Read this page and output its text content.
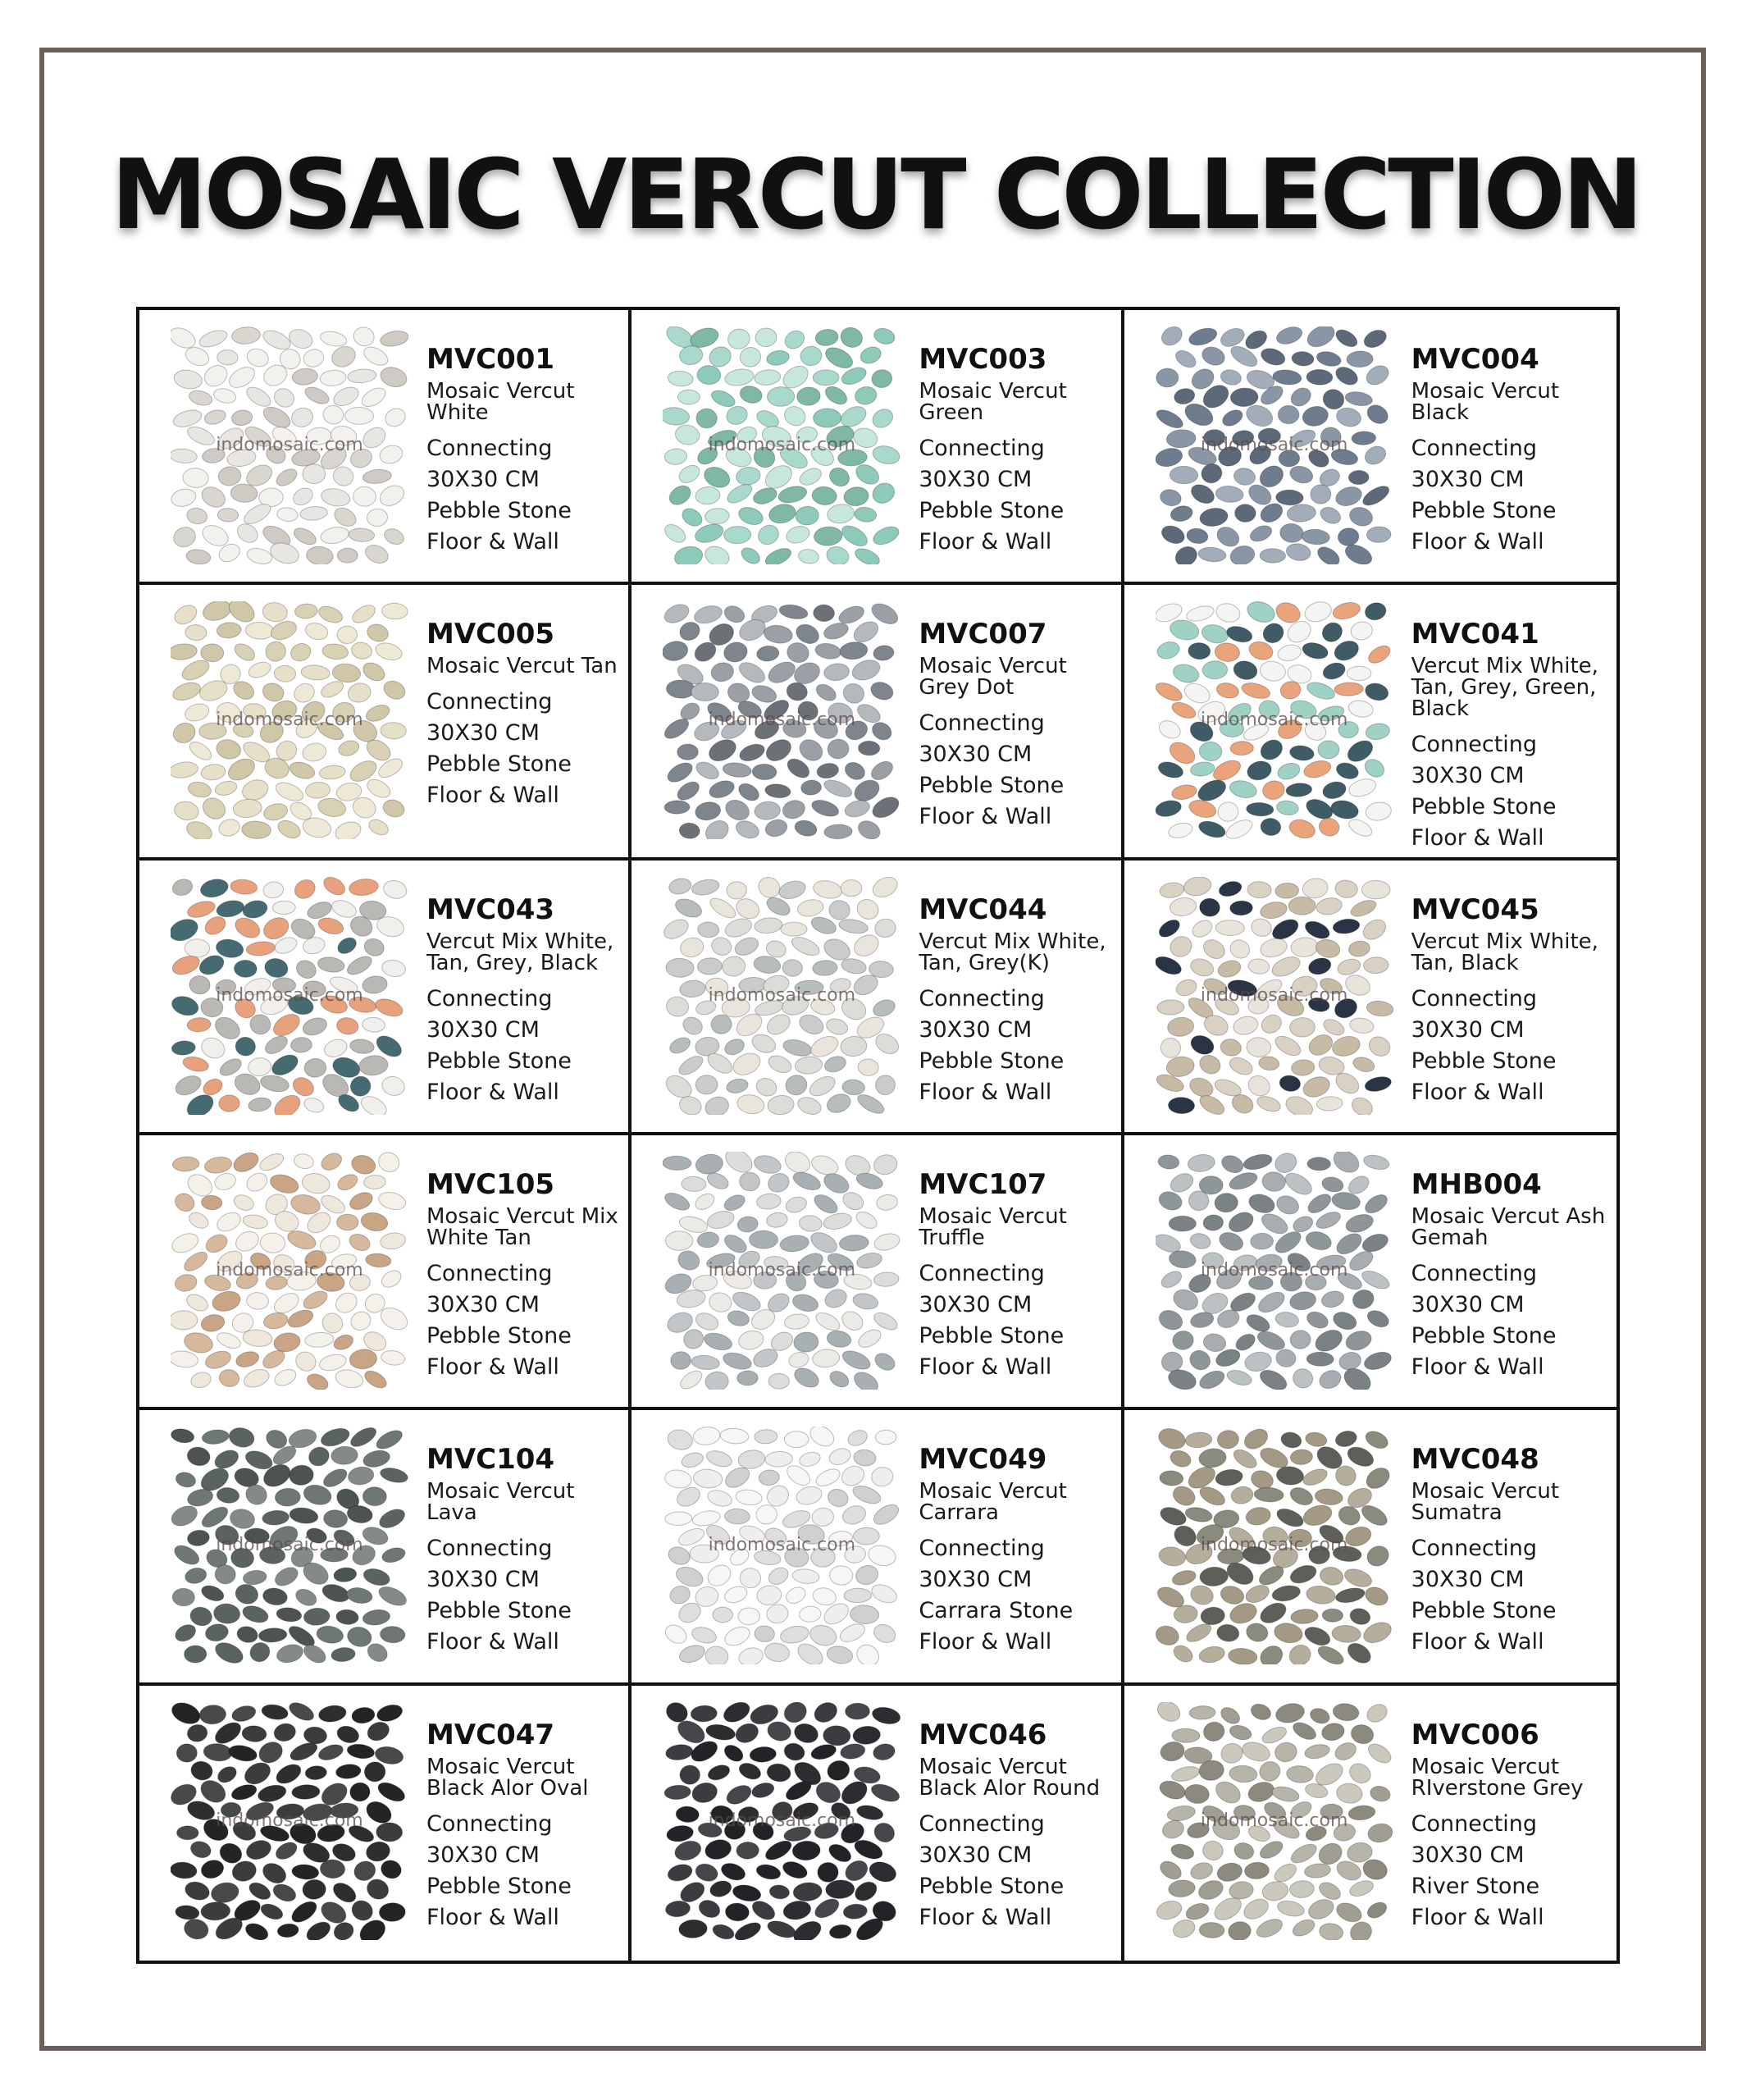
MOSAIC VERCUT COLLECTION
indomosaic.com
MVC001
Mosaic Vercut White
Connecting
30X30 CM
Pebble Stone
Floor & Wall
indomosaic.com
MVC003
Mosaic Vercut Green
Connecting
30X30 CM
Pebble Stone
Floor & Wall
indomosaic.com
MVC004
Mosaic Vercut Black
Connecting
30X30 CM
Pebble Stone
Floor & Wall
indomosaic.com
MVC005
Mosaic Vercut Tan
Connecting
30X30 CM
Pebble Stone
Floor & Wall
indomosaic.com
MVC007
Mosaic Vercut Grey Dot
Connecting
30X30 CM
Pebble Stone
Floor & Wall
indomosaic.com
MVC041
Vercut Mix White, Tan, Grey, Green, Black
Connecting
30X30 CM
Pebble Stone
Floor & Wall
indomosaic.com
MVC043
Vercut Mix White, Tan, Grey, Black
Connecting
30X30 CM
Pebble Stone
Floor & Wall
indomosaic.com
MVC044
Vercut Mix White, Tan, Grey(K)
Connecting
30X30 CM
Pebble Stone
Floor & Wall
indomosaic.com
MVC045
Vercut Mix White, Tan, Black
Connecting
30X30 CM
Pebble Stone
Floor & Wall
indomosaic.com
MVC105
Mosaic Vercut Mix White Tan
Connecting
30X30 CM
Pebble Stone
Floor & Wall
indomosaic.com
MVC107
Mosaic Vercut Truffle
Connecting
30X30 CM
Pebble Stone
Floor & Wall
indomosaic.com
MHB004
Mosaic Vercut Ash Gemah
Connecting
30X30 CM
Pebble Stone
Floor & Wall
indomosaic.com
MVC104
Mosaic Vercut Lava
Connecting
30X30 CM
Pebble Stone
Floor & Wall
indomosaic.com
MVC049
Mosaic Vercut Carrara
Connecting
30X30 CM
Carrara Stone
Floor & Wall
indomosaic.com
MVC048
Mosaic Vercut Sumatra
Connecting
30X30 CM
Pebble Stone
Floor & Wall
indomosaic.com
MVC047
Mosaic Vercut Black Alor Oval
Connecting
30X30 CM
Pebble Stone
Floor & Wall
indomosaic.com
MVC046
Mosaic Vercut Black Alor Round
Connecting
30X30 CM
Pebble Stone
Floor & Wall
indomosaic.com
MVC006
Mosaic Vercut RIverstone Grey
Connecting
30X30 CM
River Stone
Floor & Wall
